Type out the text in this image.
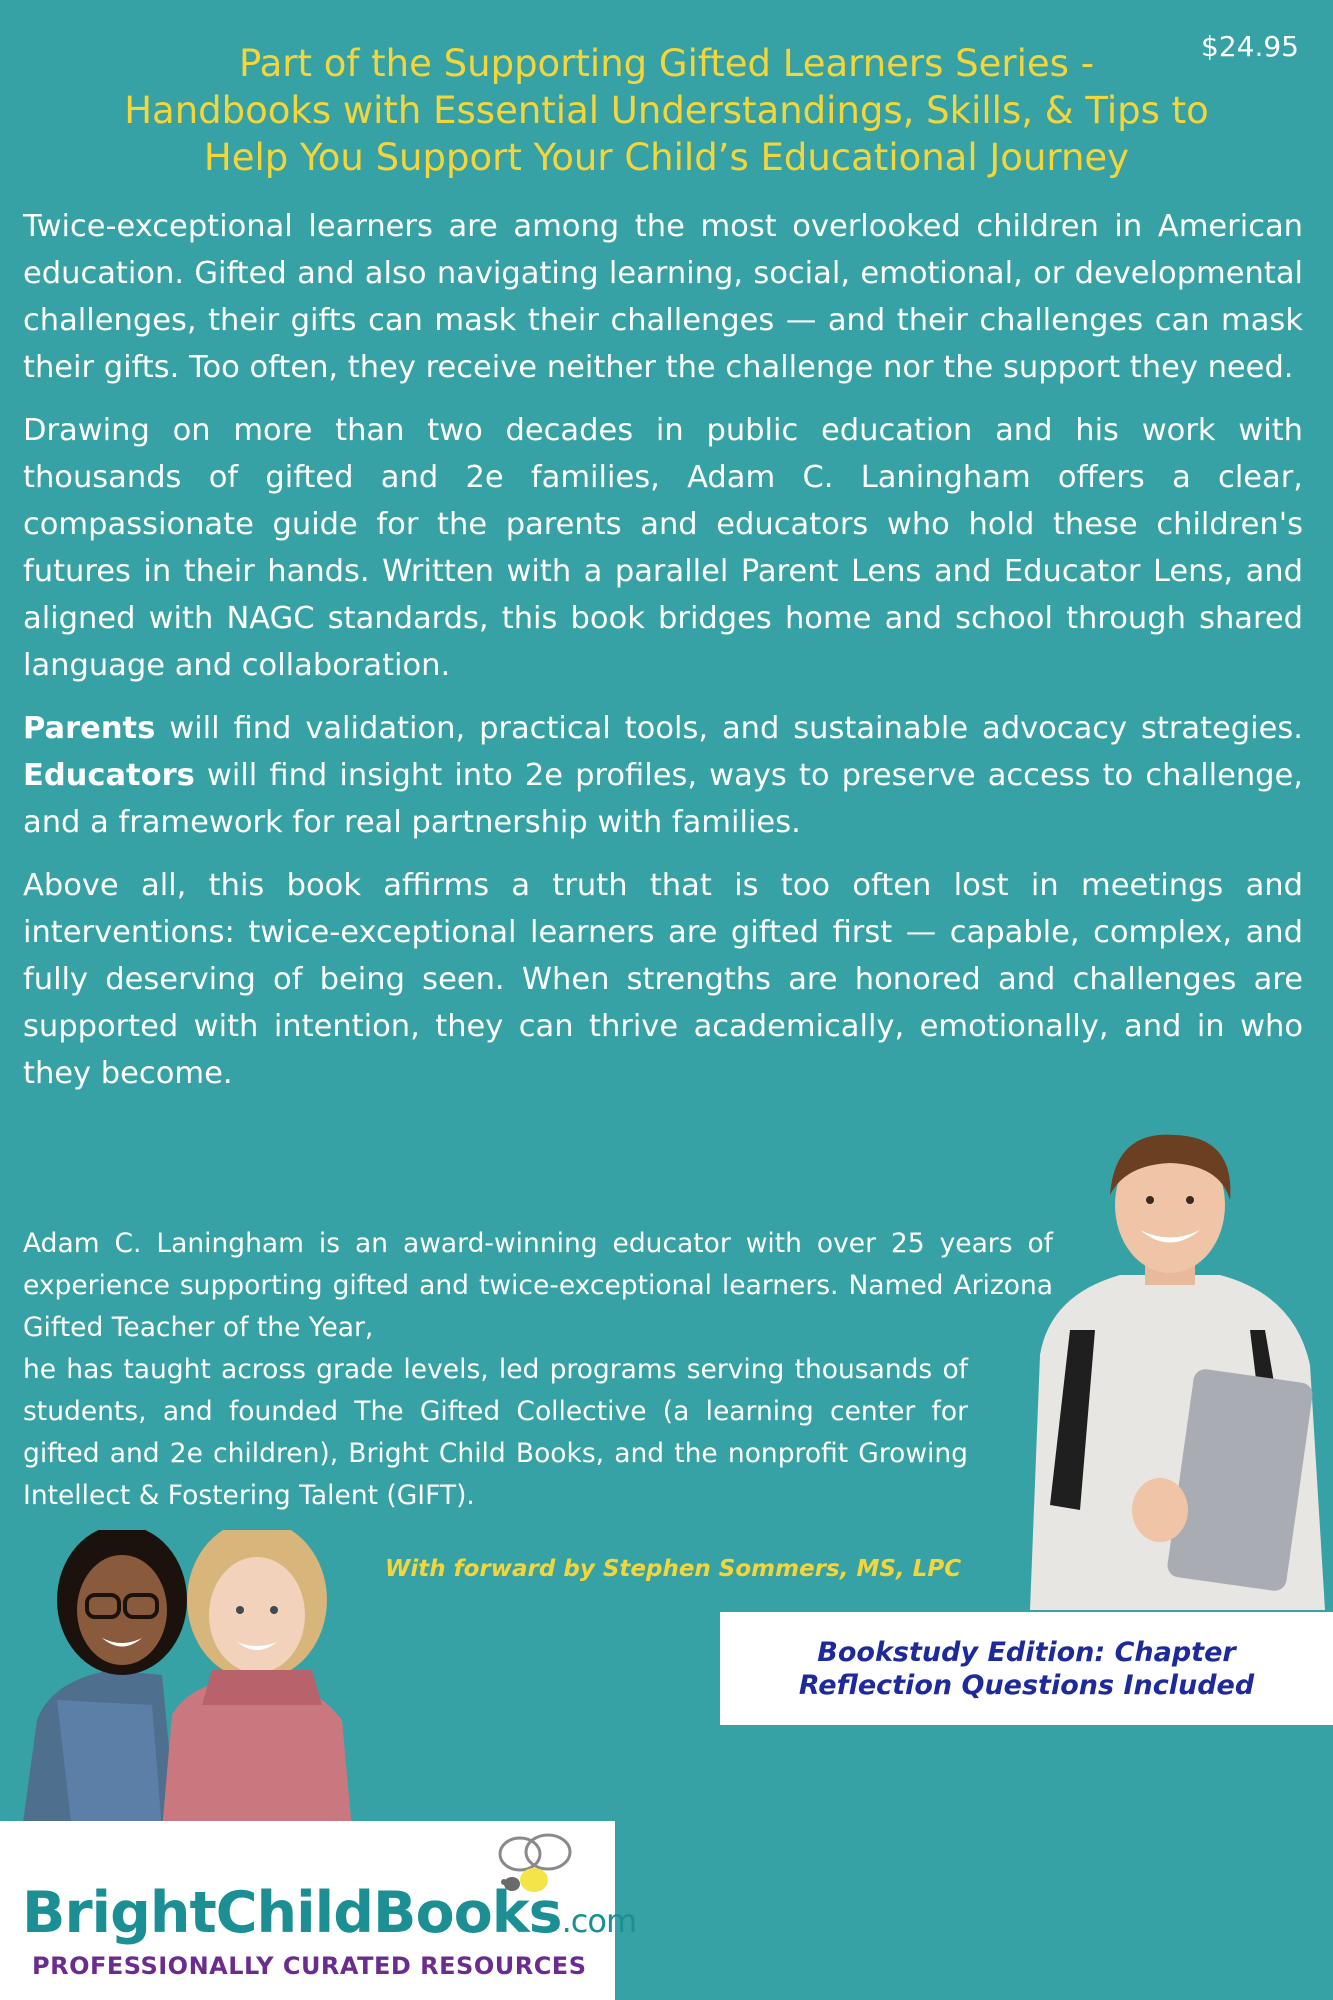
$24.95
Part of the Supporting Gifted Learners Series -
Handbooks with Essential Understandings, Skills, & Tips to
Help You Support Your Child’s Educational Journey

Twice-exceptional learners are among the most overlooked children in American education. Gifted and also navigating learning, social, emotional, or developmental challenges, their gifts can mask their challenges — and their challenges can mask their gifts. Too often, they receive neither the challenge nor the support they need.

Drawing on more than two decades in public education and his work with thousands of gifted and 2e families, Adam C. Laningham offers a clear, compassionate guide for the parents and educators who hold these children's futures in their hands. Written with a parallel Parent Lens and Educator Lens, and aligned with NAGC standards, this book bridges home and school through shared language and collaboration.

Parents will find validation, practical tools, and sustainable advocacy strategies. Educators will find insight into 2e profiles, ways to preserve access to challenge, and a framework for real partnership with families.

Above all, this book affirms a truth that is too often lost in meetings and interventions: twice-exceptional learners are gifted first — capable, complex, and fully deserving of being seen. When strengths are honored and challenges are supported with intention, they can thrive academically, emotionally, and in who they become.

Adam C. Laningham is an award-winning educator with over 25 years of experience supporting gifted and twice-exceptional learners. Named Arizona Gifted Teacher of the Year,
he has taught across grade levels, led programs serving thousands of students, and founded The Gifted Collective (a learning center for gifted and 2e children), Bright Child Books, and the nonprofit Growing Intellect & Fostering Talent (GIFT).
With forward by Stephen Sommers, MS, LPC
Bookstudy Edition: Chapter
Reflection Questions Included
BrightChildBooks.com
PROFESSIONALLY CURATED RESOURCES
